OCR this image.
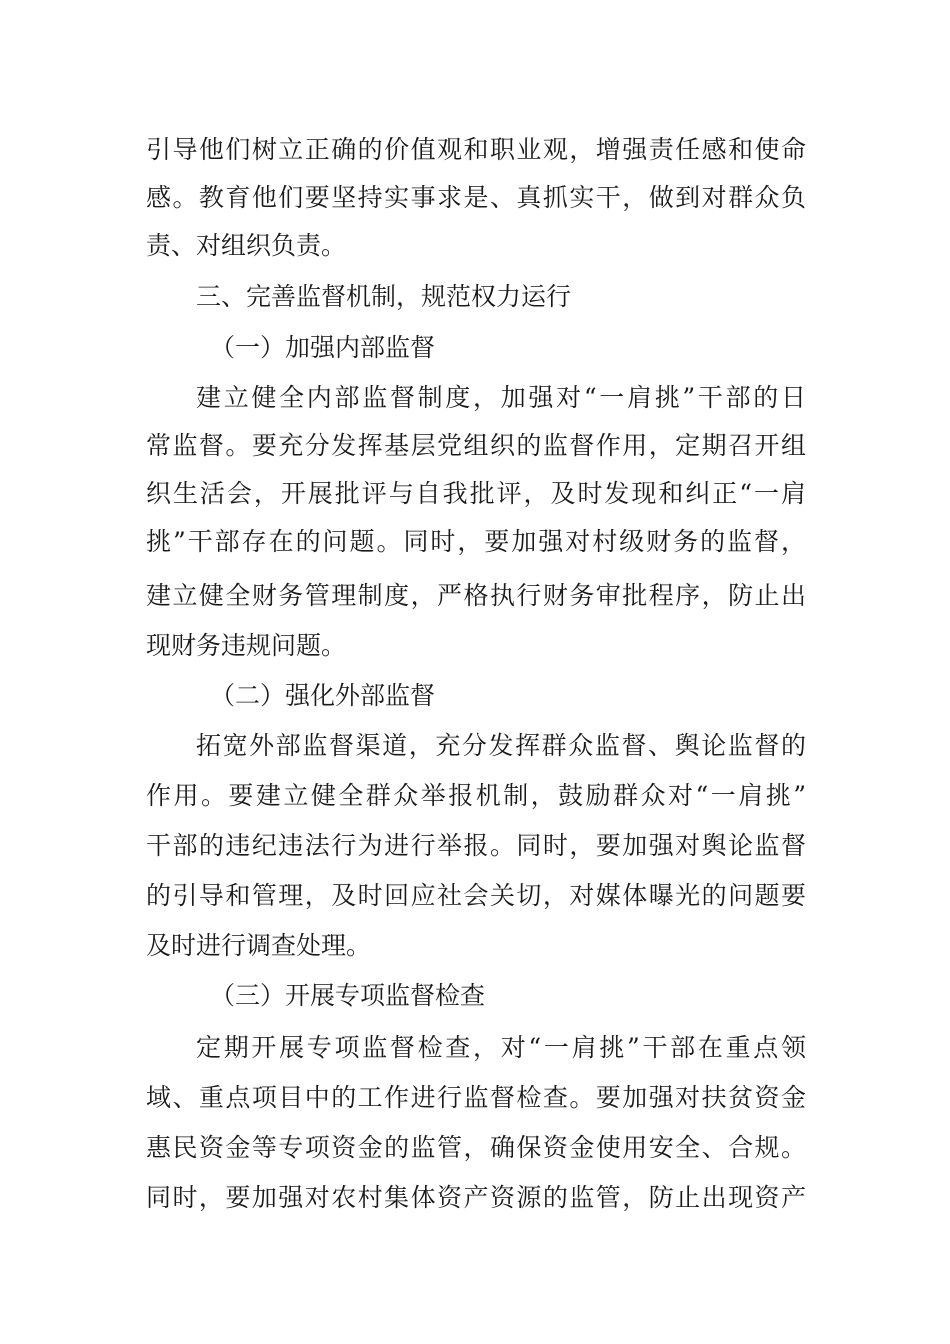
引导他们树立正确的价值观和职业观，增强责任感和使命
感。教育他们要坚持实事求是、真抓实干，做到对群众负
责、对组织负责。
三、完善监督机制，规范权力运行
（一）加强内部监督
建立健全内部监督制度，加强对“一肩挑”干部的日
常监督。要充分发挥基层党组织的监督作用，定期召开组
织生活会，开展批评与自我批评，及时发现和纠正“一肩
挑”干部存在的问题。同时，要加强对村级财务的监督，
建立健全财务管理制度，严格执行财务审批程序，防止出
现财务违规问题。
（二）强化外部监督
拓宽外部监督渠道，充分发挥群众监督、舆论监督的
作用。要建立健全群众举报机制，鼓励群众对“一肩挑”
干部的违纪违法行为进行举报。同时，要加强对舆论监督
的引导和管理，及时回应社会关切，对媒体曝光的问题要
及时进行调查处理。
（三）开展专项监督检查
定期开展专项监督检查，对“一肩挑”干部在重点领
域、重点项目中的工作进行监督检查。要加强对扶贫资金
惠民资金等专项资金的监管，确保资金使用安全、合规。
同时，要加强对农村集体资产资源的监管，防止出现资产
